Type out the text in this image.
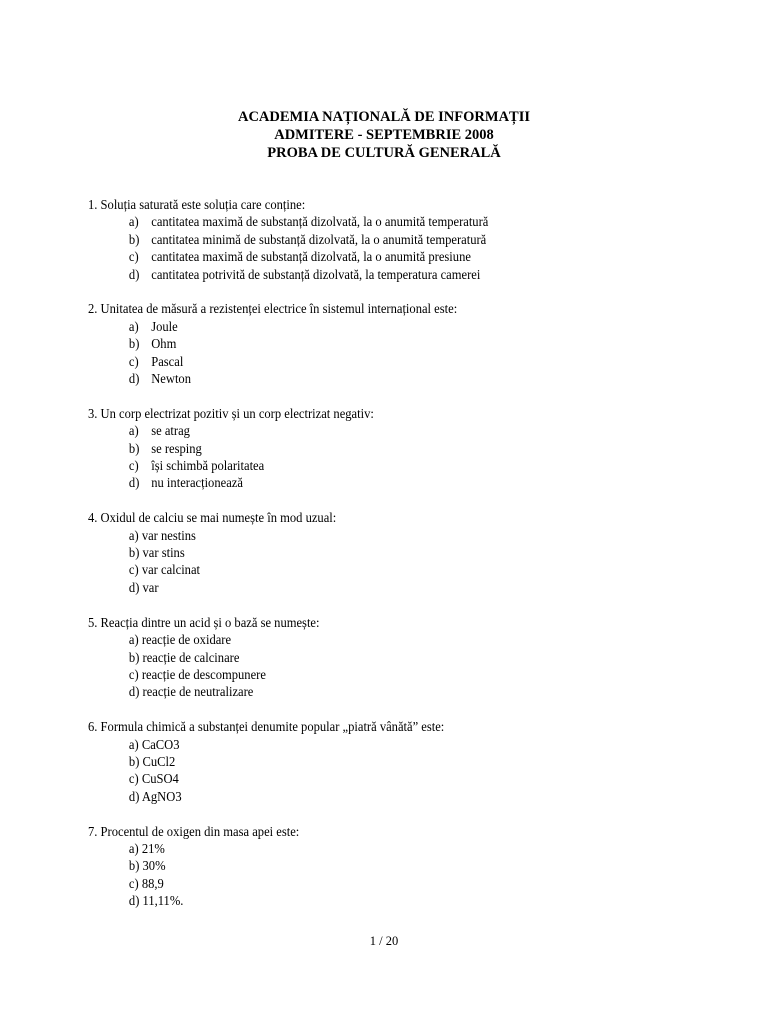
ACADEMIA NAȚIONALĂ DE INFORMAȚII
ADMITERE - SEPTEMBRIE 2008
PROBA DE CULTURĂ GENERALĂ
1. Soluția saturată este soluția care conține:
a) cantitatea maximă de substanță dizolvată, la o anumită temperatură
b) cantitatea minimă de substanță dizolvată, la o anumită temperatură
c) cantitatea maximă de substanță dizolvată, la o anumită presiune
d) cantitatea potrivită de substanță dizolvată, la temperatura camerei
2. Unitatea de măsură a rezistenței electrice în sistemul internațional este:
a) Joule
b) Ohm
c) Pascal
d) Newton
3. Un corp electrizat pozitiv și un corp electrizat negativ:
a) se atrag
b) se resping
c) își schimbă polaritatea
d) nu interacționează
4. Oxidul de calciu se mai numește în mod uzual:
a) var nestins
b) var stins
c) var calcinat
d) var
5. Reacția dintre un acid și o bază se numește:
a) reacție de oxidare
b) reacție de calcinare
c) reacție de descompunere
d) reacție de neutralizare
6. Formula chimică a substanței denumite popular „piatră vânătă” este:
a) CaCO3
b) CuCl2
c) CuSO4
d) AgNO3
7. Procentul de oxigen din masa apei este:
a) 21%
b) 30%
c) 88,9
d) 11,11%.
1 / 20
